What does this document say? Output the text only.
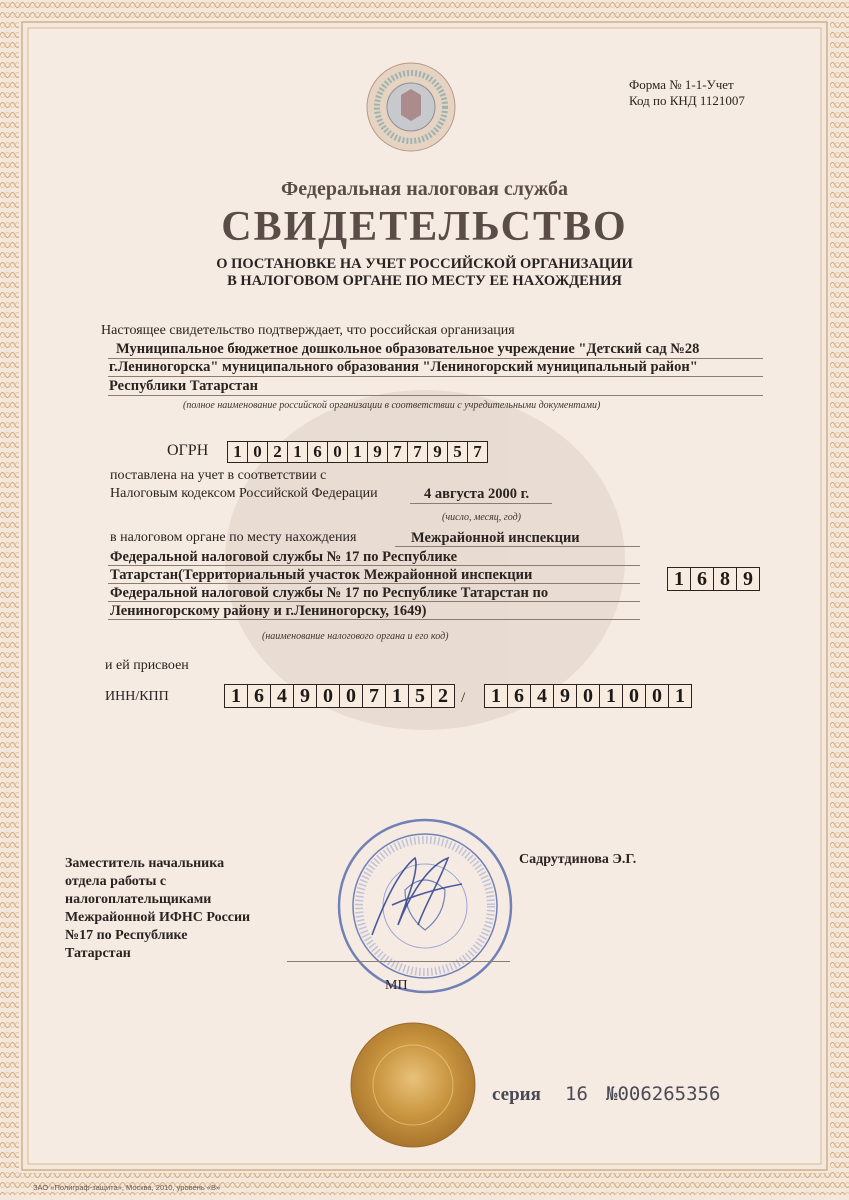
Форма № 1-1-Учет
Код по КНД 1121007
Федеральная налоговая служба
СВИДЕТЕЛЬСТВО
О ПОСТАНОВКЕ НА УЧЕТ РОССИЙСКОЙ ОРГАНИЗАЦИИ
В НАЛОГОВОМ ОРГАНЕ ПО МЕСТУ ЕЕ НАХОЖДЕНИЯ
Настоящее свидетельство подтверждает, что российская организация
Муниципальное бюджетное дошкольное образовательное учреждение "Детский сад №28
г.Лениногорска" муниципального образования "Лениногорский муниципальный район"
Республики Татарстан
(полное наименование российской организации в соответствии с учредительными документами)
ОГРН	1 0 2 1 6 0 1 9 7 7 9 5 7
поставлена на учет в соответствии с
Налоговым кодексом Российской Федерации	4 августа 2000 г.
(число, месяц, год)
в налоговом органе по месту нахождения	Межрайонной инспекции
Федеральной налоговой службы № 17 по Республике
Татарстан(Территориальный участок Межрайонной инспекции
Федеральной налоговой службы № 17 по Республике Татарстан по
Лениногорскому району и г.Лениногорску, 1649)
1 6 8 9
(наименование налогового органа и его код)
и ей присвоен
ИНН/КПП	1 6 4 9 0 0 7 1 5 2 /	1 6 4 9 0 1 0 0 1
Заместитель начальника
отдела работы с
налогоплательщиками
Межрайонной ИФНС России
№17 по Республике
Татарстан
Садрутдинова Э.Г.
МП
серия 16 №006265356
ЗАО «Полиграф-защита», Москва, 2010, уровень «В»
